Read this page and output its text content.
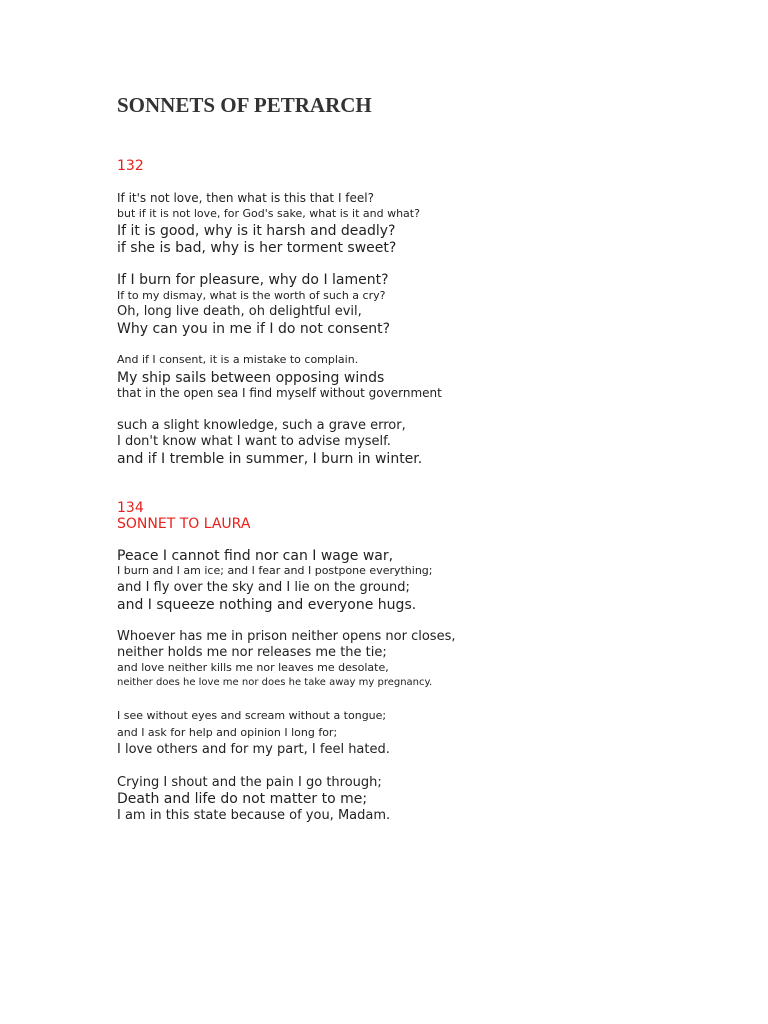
SONNETS OF PETRARCH
132
If it's not love, then what is this that I feel?
but if it is not love, for God's sake, what is it and what?
If it is good, why is it harsh and deadly?
if she is bad, why is her torment sweet?
If I burn for pleasure, why do I lament?
If to my dismay, what is the worth of such a cry?
Oh, long live death, oh delightful evil,
Why can you in me if I do not consent?
And if I consent, it is a mistake to complain.
My ship sails between opposing winds
that in the open sea I find myself without government
such a slight knowledge, such a grave error,
I don't know what I want to advise myself.
and if I tremble in summer, I burn in winter.
134
SONNET TO LAURA
Peace I cannot find nor can I wage war,
I burn and I am ice; and I fear and I postpone everything;
and I fly over the sky and I lie on the ground;
and I squeeze nothing and everyone hugs.
Whoever has me in prison neither opens nor closes,
neither holds me nor releases me the tie;
and love neither kills me nor leaves me desolate,
neither does he love me nor does he take away my pregnancy.
I see without eyes and scream without a tongue;
and I ask for help and opinion I long for;
I love others and for my part, I feel hated.
Crying I shout and the pain I go through;
Death and life do not matter to me;
I am in this state because of you, Madam.
